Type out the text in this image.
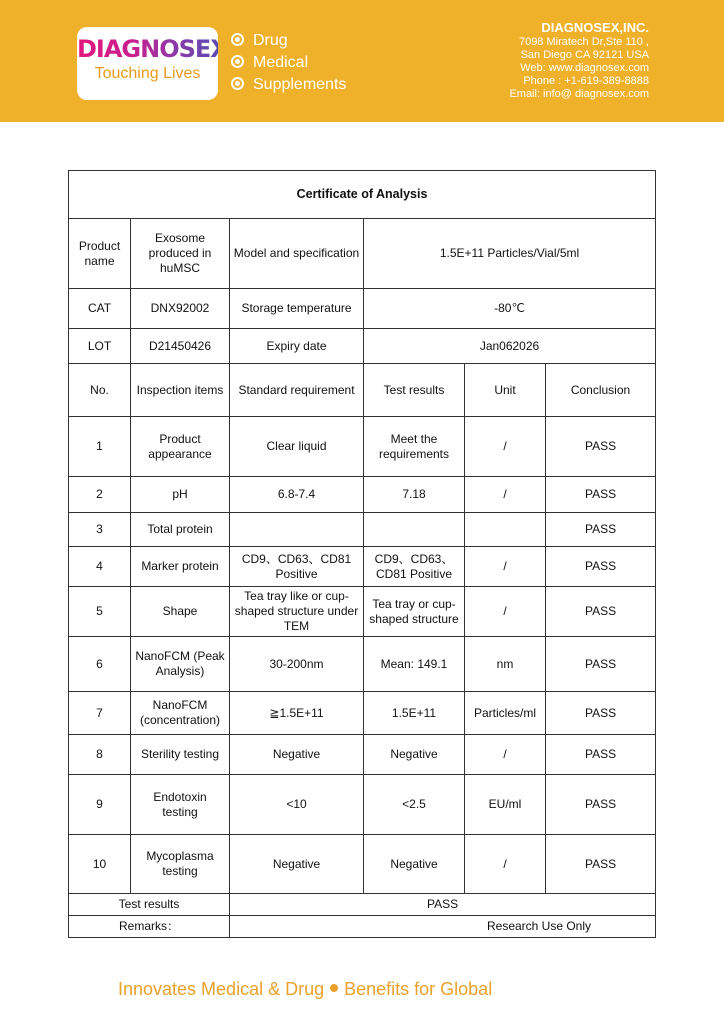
DIAGNOSEX
Touching Lives
Drug
Medical
Supplements
DIAGNOSEX,INC.
7098 Miratech Dr,Ste 110 ,
San Diego CA 92121 USA
Web: www.diagnosex.com
Phone : +1-619-389-8888
Email: info@ diagnosex.com
Certificate of Analysis					
Product name	Exosome produced in huMSC	Model and specification	1.5E+11 Particles/Vial/5ml		
CAT	DNX92002	Storage temperature	-80℃		
LOT	D21450426	Expiry date	Jan062026		
No.	Inspection items	Standard requirement	Test results	Unit	Conclusion
1	Product appearance	Clear liquid	Meet the requirements	/	PASS
2	pH	6.8-7.4	7.18	/	PASS
3	Total protein				PASS
4	Marker protein	CD9、CD63、CD81 Positive	CD9、CD63、CD81 Positive	/	PASS
5	Shape	Tea tray like or cup-shaped structure under TEM	Tea tray or cup-shaped structure	/	PASS
6	NanoFCM (Peak Analysis)	30-200nm	Mean: 149.1	nm	PASS
7	NanoFCM (concentration)	≧1.5E+11	1.5E+11	Particles/ml	PASS
8	Sterility testing	Negative	Negative	/	PASS
9	Endotoxin testing	<10	<2.5	EU/ml	PASS
10	Mycoplasma testing	Negative	Negative	/	PASS
Test results		PASS			
Remarks：		Research Use Only			
Innovates Medical & Drug Benefits for Global
